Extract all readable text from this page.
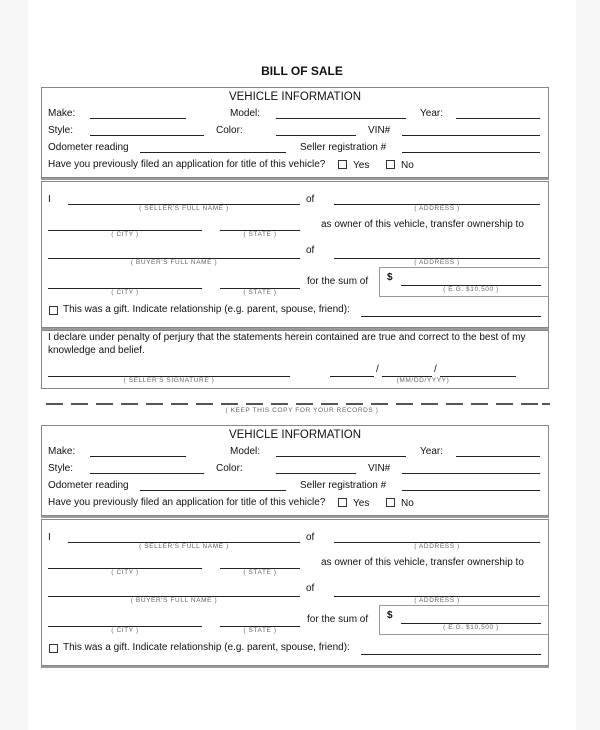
BILL OF SALE
VEHICLE INFORMATION
Make:	Model:	Year:
Style:	Color:	VIN#
Odometer reading	Seller registration #
Have you previously filed an application for title of this vehicle?	Yes	No
I
( SELLER'S FULL NAME )
of
( ADDRESS )
( CITY )	( STATE )
as owner of this vehicle, transfer ownership to
( BUYER'S FULL NAME )
of
( ADDRESS )
( CITY )	( STATE )
for the sum of $
( E.G. $10,500 )
This was a gift. Indicate relationship (e.g. parent, spouse, friend):
I declare under penalty of perjury that the statements herein contained are true and correct to the best of my
knowledge and belief.
( SELLER'S SIGNATURE )
/	/
(MM/DD/YYYY)
( KEEP THIS COPY FOR YOUR RECORDS )
VEHICLE INFORMATION
Make:	Model:	Year:
Style:	Color:	VIN#
Odometer reading	Seller registration #
Have you previously filed an application for title of this vehicle?	Yes	No
I
( SELLER'S FULL NAME )
of
( ADDRESS )
( CITY )	( STATE )
as owner of this vehicle, transfer ownership to
( BUYER'S FULL NAME )
of
( ADDRESS )
( CITY )	( STATE )
for the sum of $
( E.G. $10,500 )
This was a gift. Indicate relationship (e.g. parent, spouse, friend):
